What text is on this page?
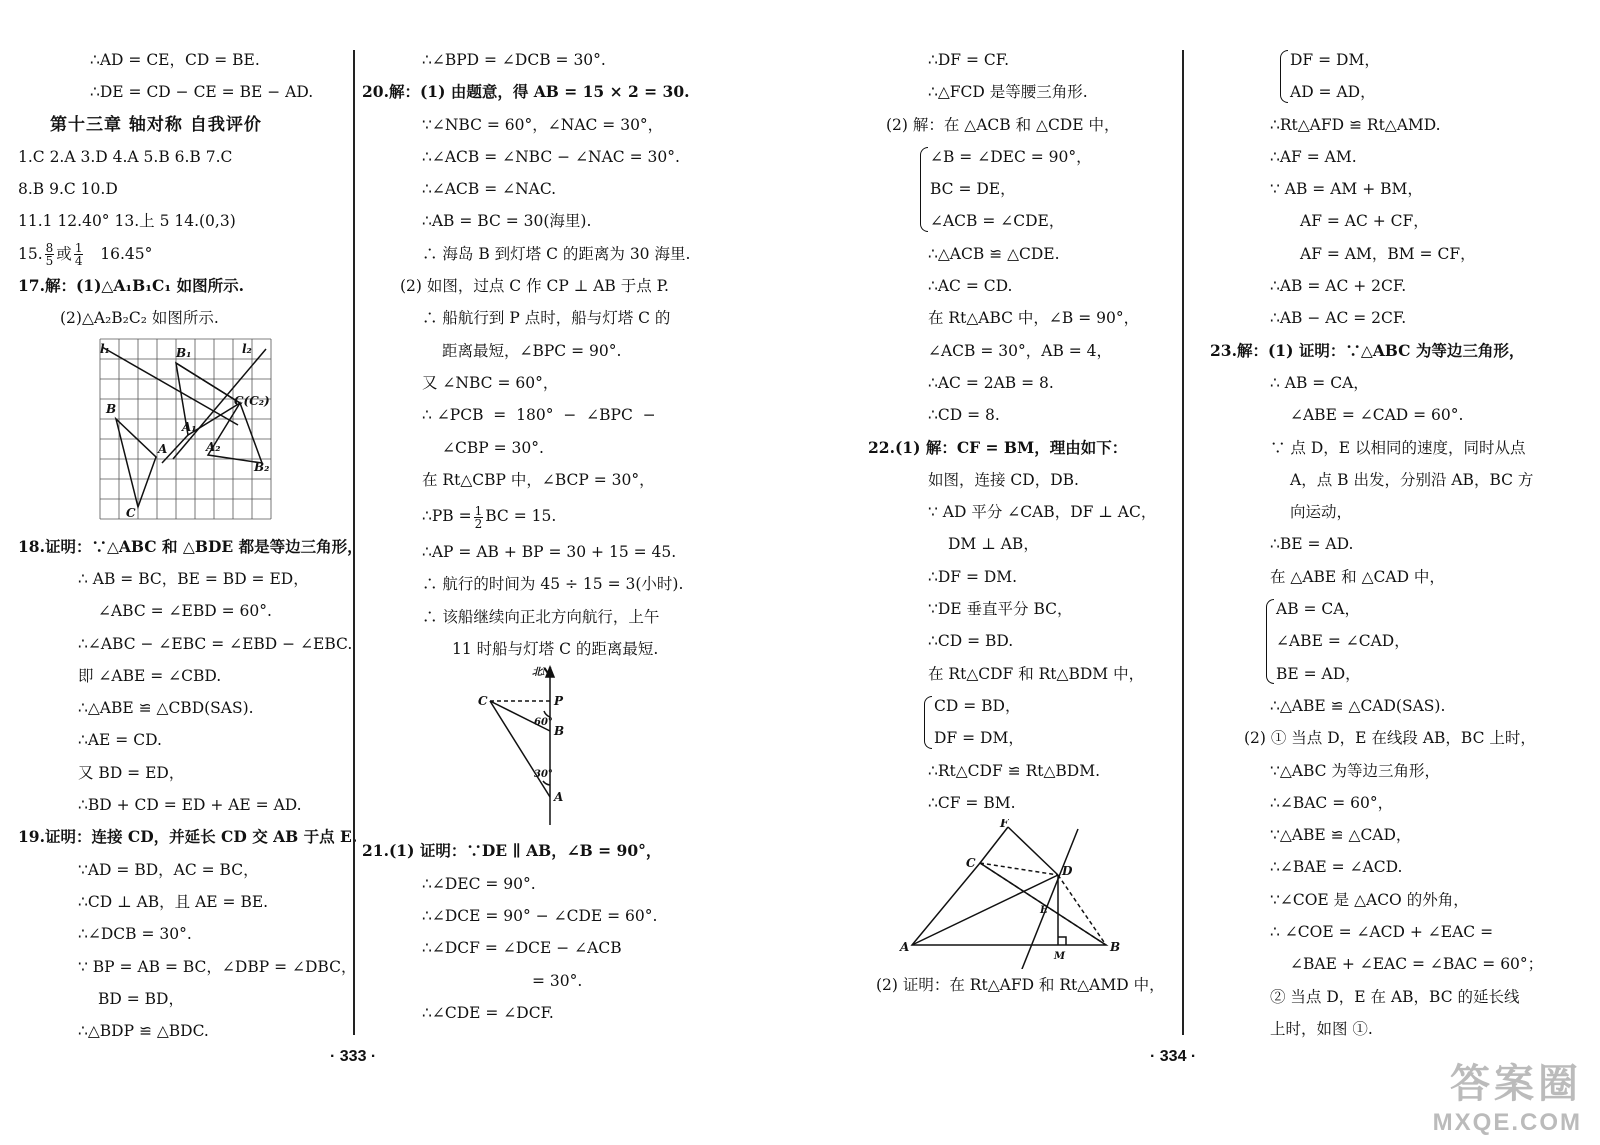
∴AD = CE，CD = BE.
∴DE = CD − CE = BE − AD.
第十三章 轴对称 自我评价
1.C 2.A 3.D 4.A 5.B 6.B 7.C
8.B 9.C 10.D
11.1 12.40° 13.上 5 14.(0,3)
15. $\frac{8}{5}$ 或 $\frac{1}{4} 16.45^\circ$
17.解：(1)△A₁B₁C₁ 如图所示.
(2)△A₂B₂C₂ 如图所示.
l₁	B₁	l₂
C(C₂)
A₁
B
A	A₂
B₂
C
18.证明：∵△ABC 和 △BDE 都是等边三角形，
∴ AB = BC，BE = BD = ED，
∠ABC = ∠EBD = 60°.
∴∠ABC − ∠EBC = ∠EBD − ∠EBC.
即 ∠ABE = ∠CBD.
∴△ABE ≌ △CBD(SAS).
∴AE = CD.
又 BD = ED，
∴BD + CD = ED + AE = AD.
19.证明：连接 CD，并延长 CD 交 AB 于点 E.
∵AD = BD，AC = BC，
∴CD ⊥ AB，且 AE = BE.
∴∠DCB = 30°.
∵ BP = AB = BC，∠DBP = ∠DBC，
BD = BD，
∴△BDP ≌ △BDC.
∴∠BPD = ∠DCB = 30°.
20.解：(1) 由题意，得 AB = 15 × 2 = 30.
∵∠NBC = 60°，∠NAC = 30°，
∴∠ACB = ∠NBC − ∠NAC = 30°.
∴∠ACB = ∠NAC.
∴AB = BC = 30(海里).
∴ 海岛 B 到灯塔 C 的距离为 30 海里.
(2) 如图，过点 C 作 CP ⊥ AB 于点 P.
∴ 船航行到 P 点时，船与灯塔 C 的
距离最短，∠BPC = 90°.
又 ∠NBC = 60°，
∴ ∠PCB  =  180°  −  ∠BPC  −
∠CBP = 30°.
在 Rt△CBP 中，∠BCP = 30°，
∴PB = $\frac{1}{2}$ BC = 15.
∴AP = AB + BP = 30 + 15 = 45.
∴ 航行的时间为 45 ÷ 15 = 3(小时).
∴ 该船继续向正北方向航行，上午
11 时船与灯塔 C 的距离最短.
北N
C	P
60°
B
30°
A
21.(1) 证明：∵DE ∥ AB，∠B = 90°，
∴∠DEC = 90°.
∴∠DCE = 90° − ∠CDE = 60°.
∴∠DCF = ∠DCE − ∠ACB
= 30°.
∴∠CDE = ∠DCF.
∴DF = CF.
∴△FCD 是等腰三角形.
(2) 解：在 △ACB 和 △CDE 中，
∠B = ∠DEC = 90°，
BC = DE，
∠ACB = ∠CDE，
∴△ACB ≌ △CDE.
∴AC = CD.
在 Rt△ABC 中，∠B = 90°，
∠ACB = 30°，AB = 4，
∴AC = 2AB = 8.
∴CD = 8.
22.(1) 解：CF = BM，理由如下：
如图，连接 CD，DB.
∵ AD 平分 ∠CAB，DF ⊥ AC，
DM ⊥ AB，
∴DF = DM.
∵DE 垂直平分 BC，
∴CD = BD.
在 Rt△CDF 和 Rt△BDM 中，
CD = BD，
DF = DM，
∴Rt△CDF ≌ Rt△BDM.
∴CF = BM.
F
C
D
E
A
M
B
(2) 证明：在 Rt△AFD 和 Rt△AMD 中，
DF = DM，
AD = AD，
∴Rt△AFD ≌ Rt△AMD.
∴AF = AM.
∵ AB = AM + BM，
AF = AC + CF，
AF = AM，BM = CF，
∴AB = AC + 2CF.
∴AB − AC = 2CF.
23.解：(1) 证明：∵△ABC 为等边三角形，
∴ AB = CA，
∠ABE = ∠CAD = 60°.
∵ 点 D，E 以相同的速度，同时从点
A，点 B 出发，分别沿 AB，BC 方
向运动，
∴BE = AD.
在 △ABE 和 △CAD 中，
AB = CA，
∠ABE = ∠CAD，
BE = AD，
∴△ABE ≌ △CAD(SAS).
(2) ① 当点 D，E 在线段 AB，BC 上时，
∵△ABC 为等边三角形，
∴∠BAC = 60°，
∵△ABE ≌ △CAD，
∴∠BAE = ∠ACD.
∵∠COE 是 △ACO 的外角，
∴ ∠COE = ∠ACD + ∠EAC =
∠BAE + ∠EAC = ∠BAC = 60°；
② 当点 D，E 在 AB，BC 的延长线
上时，如图 ①.
· 333 ·	· 334 ·
答案圈
MXQE.COM
